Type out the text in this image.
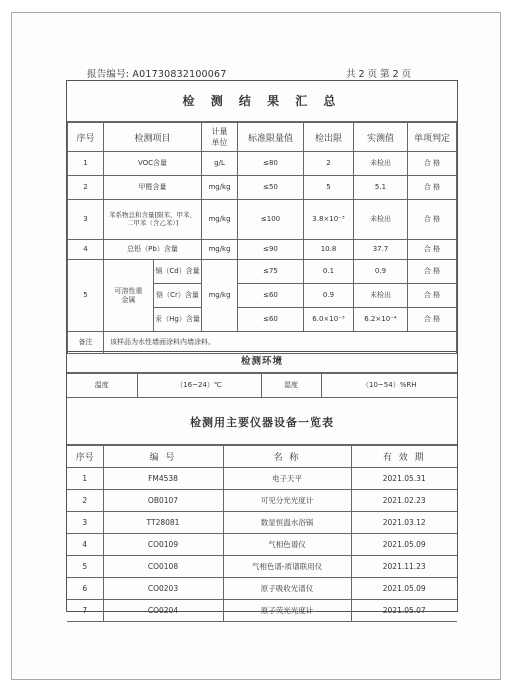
报告编号: A01730832100067	共 2 页 第 2 页
检 测 结 果 汇 总
序号	检测项目	计量单位	标准限量值	检出限	实测值	单项判定
1	VOC含量	g/L	≤80	2	未检出	合 格
2	甲醛含量	mg/kg	≤50	5	5.1	合 格
3	苯系物总和含量[限苯、甲苯、二甲苯（含乙苯）]	mg/kg	≤100	3.8×10⁻³	未检出	合 格
4	总铅（Pb）含量	mg/kg	≤90	10.8	37.7	合 格
5	可溶性重金属	镉（Cd）含量	mg/kg	≤75	0.1	0.9	合 格
		铬（Cr）含量		≤60	0.9	未检出	合 格
		汞（Hg）含量		≤60	6.0×10⁻³	6.2×10⁻⁴	合 格
备注	该样品为水性墙面涂料内墙涂料。
检测环境
温度	（16~24）℃	湿度	（10~54）%RH
检测用主要仪器设备一览表
序号	编 号	名 称	有 效 期
1	FM4538	电子天平	2021.05.31
2	OB0107	可见分光光度计	2021.02.23
3	TT28081	数显恒温水浴锅	2021.03.12
4	CO0109	气相色谱仪	2021.05.09
5	CO0108	气相色谱-质谱联用仪	2021.11.23
6	CO0203	原子吸收光谱仪	2021.05.09
7	CO0204	原子荧光光度计	2021.05.07
